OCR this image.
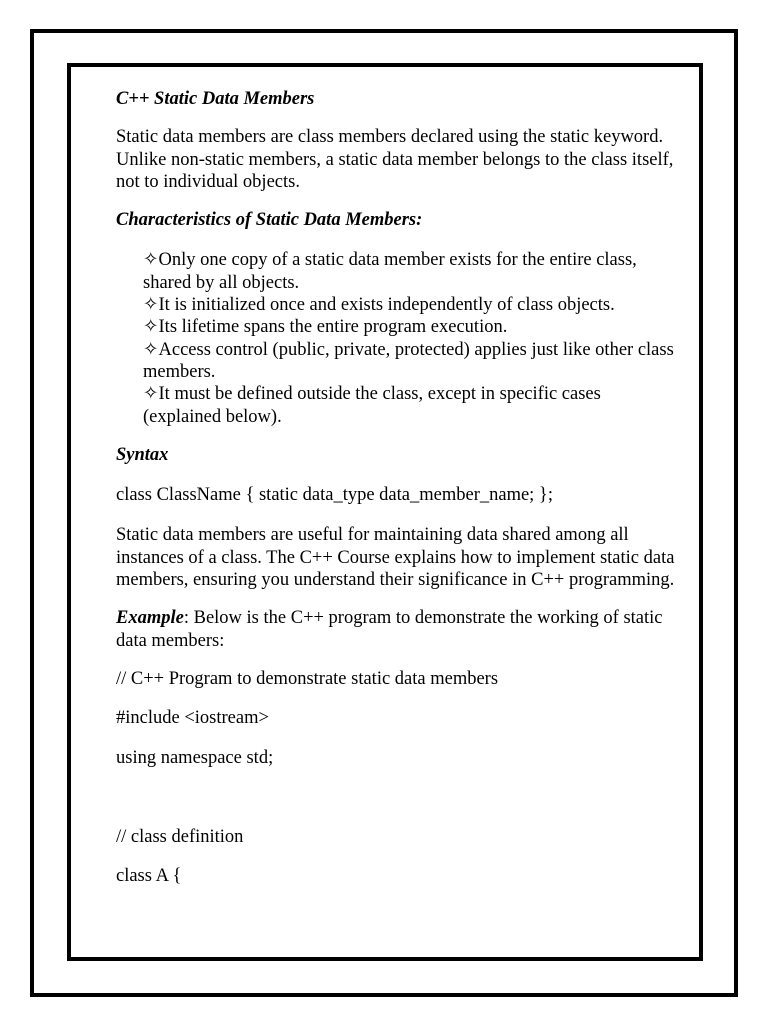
C++ Static Data Members

Static data members are class members declared using the static keyword. Unlike non-static members, a static data member belongs to the class itself, not to individual objects.

Characteristics of Static Data Members:

✧Only one copy of a static data member exists for the entire class, shared by all objects.
✧It is initialized once and exists independently of class objects.
✧Its lifetime spans the entire program execution.
✧Access control (public, private, protected) applies just like other class members.
✧It must be defined outside the class, except in specific cases (explained below).

Syntax

class ClassName { static data_type data_member_name; };

Static data members are useful for maintaining data shared among all instances of a class. The C++ Course explains how to implement static data members, ensuring you understand their significance in C++ programming.

Example: Below is the C++ program to demonstrate the working of static data members:

// C++ Program to demonstrate static data members

#include <iostream>

using namespace std;

// class definition

class A {
